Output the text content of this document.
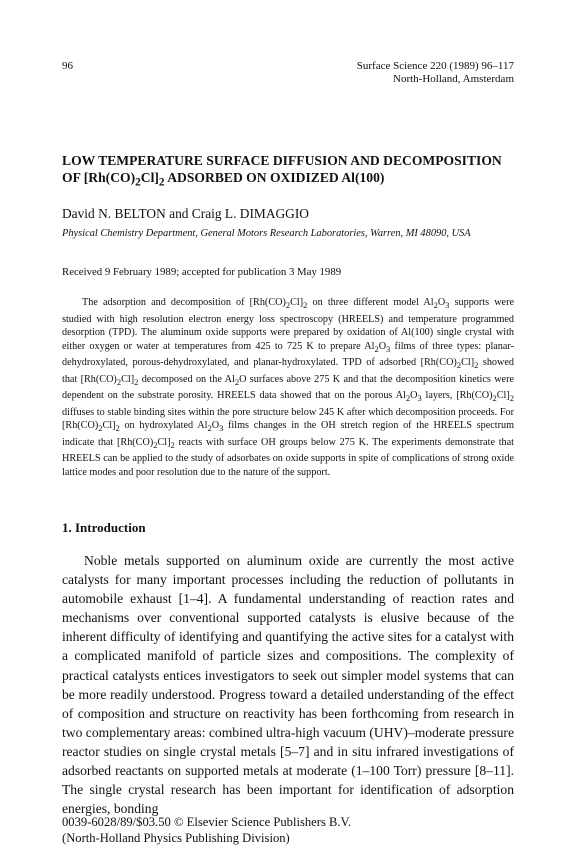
96	Surface Science 220 (1989) 96–117
North-Holland, Amsterdam
LOW TEMPERATURE SURFACE DIFFUSION AND DECOMPOSITION OF $[Rh(CO)_2Cl]_2$ ADSORBED ON OXIDIZED Al(100)
David N. BELTON and Craig L. DIMAGGIO
Physical Chemistry Department, General Motors Research Laboratories, Warren, MI 48090, USA
Received 9 February 1989; accepted for publication 3 May 1989

The adsorption and decomposition of $[Rh(CO)_2Cl]_2$ on three different model $Al_2O_3$ supports were studied with high resolution electron energy loss spectroscopy (HREELS) and temperature programmed desorption (TPD). The aluminum oxide supports were prepared by oxidation of Al(100) single crystal with either oxygen or water at temperatures from 425 to 725 K to prepare $Al_2O_3$ films of three types: planar-dehydroxylated, porous-dehydroxylated, and planar-hydroxylated. TPD of adsorbed $[Rh(CO)_2Cl]_2$ showed that $[Rh(CO)_2Cl]_2$ decomposed on the $Al_2O$ surfaces above 275 K and that the decomposition kinetics were dependent on the substrate porosity. HREELS data showed that on the porous $Al_2O_3$ layers, $[Rh(CO)_2Cl]_2$ diffuses to stable binding sites within the pore structure below 245 K after which decomposition proceeds. For $[Rh(CO)_2Cl]_2$ on hydroxylated $Al_2O_3$ films changes in the OH stretch region of the HREELS spectrum indicate that $[Rh(CO)_2Cl]_2$ reacts with surface OH groups below 275 K. The experiments demonstrate that HREELS can be applied to the study of adsorbates on oxide supports in spite of complications of strong oxide lattice modes and poor resolution due to the nature of the support.

1. Introduction

Noble metals supported on aluminum oxide are currently the most active catalysts for many important processes including the reduction of pollutants in automobile exhaust [1–4]. A fundamental understanding of reaction rates and mechanisms over conventional supported catalysts is elusive because of the inherent difficulty of identifying and quantifying the active sites for a catalyst with a complicated manifold of particle sizes and compositions. The complexity of practical catalysts entices investigators to seek out simpler model systems that can be more readily understood. Progress toward a detailed understanding of the effect of composition and structure on reactivity has been forthcoming from research in two complementary areas: combined ultra-high vacuum (UHV)–moderate pressure reactor studies on single crystal metals [5–7] and in situ infrared investigations of adsorbed reactants on supported metals at moderate (1–100 Torr) pressure [8–11]. The single crystal research has been important for identification of adsorption energies, bonding

0039-6028/89/$03.50 © Elsevier Science Publishers B.V.
(North-Holland Physics Publishing Division)
